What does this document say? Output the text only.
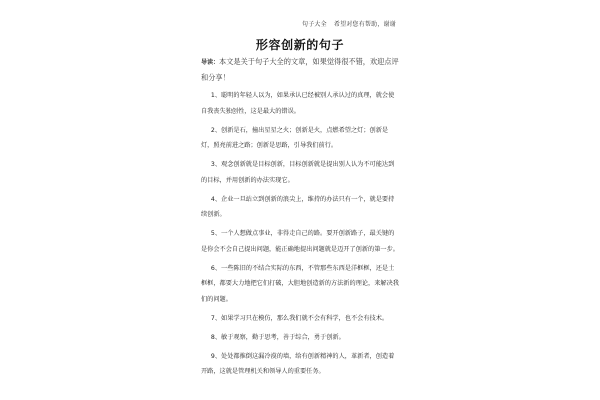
句子大全 希望对您有帮助，谢谢
形容创新的句子
导读：本文是关于句子大全的文章，如果觉得很不错，欢迎点评和分享！
1、聪明的年轻人以为，如果承认已经被别人承认过的真理，就会使自我丧失独创性，这是最大的错误。
2、创新是石，撞出星星之火；创新是火，点燃希望之灯；创新是灯，照亮前进之路；创新是思路，引导我们前行。
3、观念创新就是目标创新，目标创新就是提出别人认为不可能达到的目标，并用创新的办法实现它。
4、企业一旦站立到创新的浪尖上，维持的办法只有一个，就是要持续创新。
5、一个人想做点事业，非得走自己的路。要开创新路子，最关键的是你会不会自己提出问题，能正确地提出问题就是迈开了创新的第一步。
6、一些陈旧的不结合实际的东西，不管那些东西是洋框框，还是土框框，都要大力地把它们打破，大胆地创造新的方法新的理论，来解决我们的问题。
7、如果学习只在模仿，那么我们就不会有科学，也不会有技术。
8、敏于观察，勤于思考，善于综合，勇于创新。
9、处处都推倒这漏冷漠的墙，给有创新精神的人，革新者，创造着开路，这就是管理机关和领导人的重要任务。
